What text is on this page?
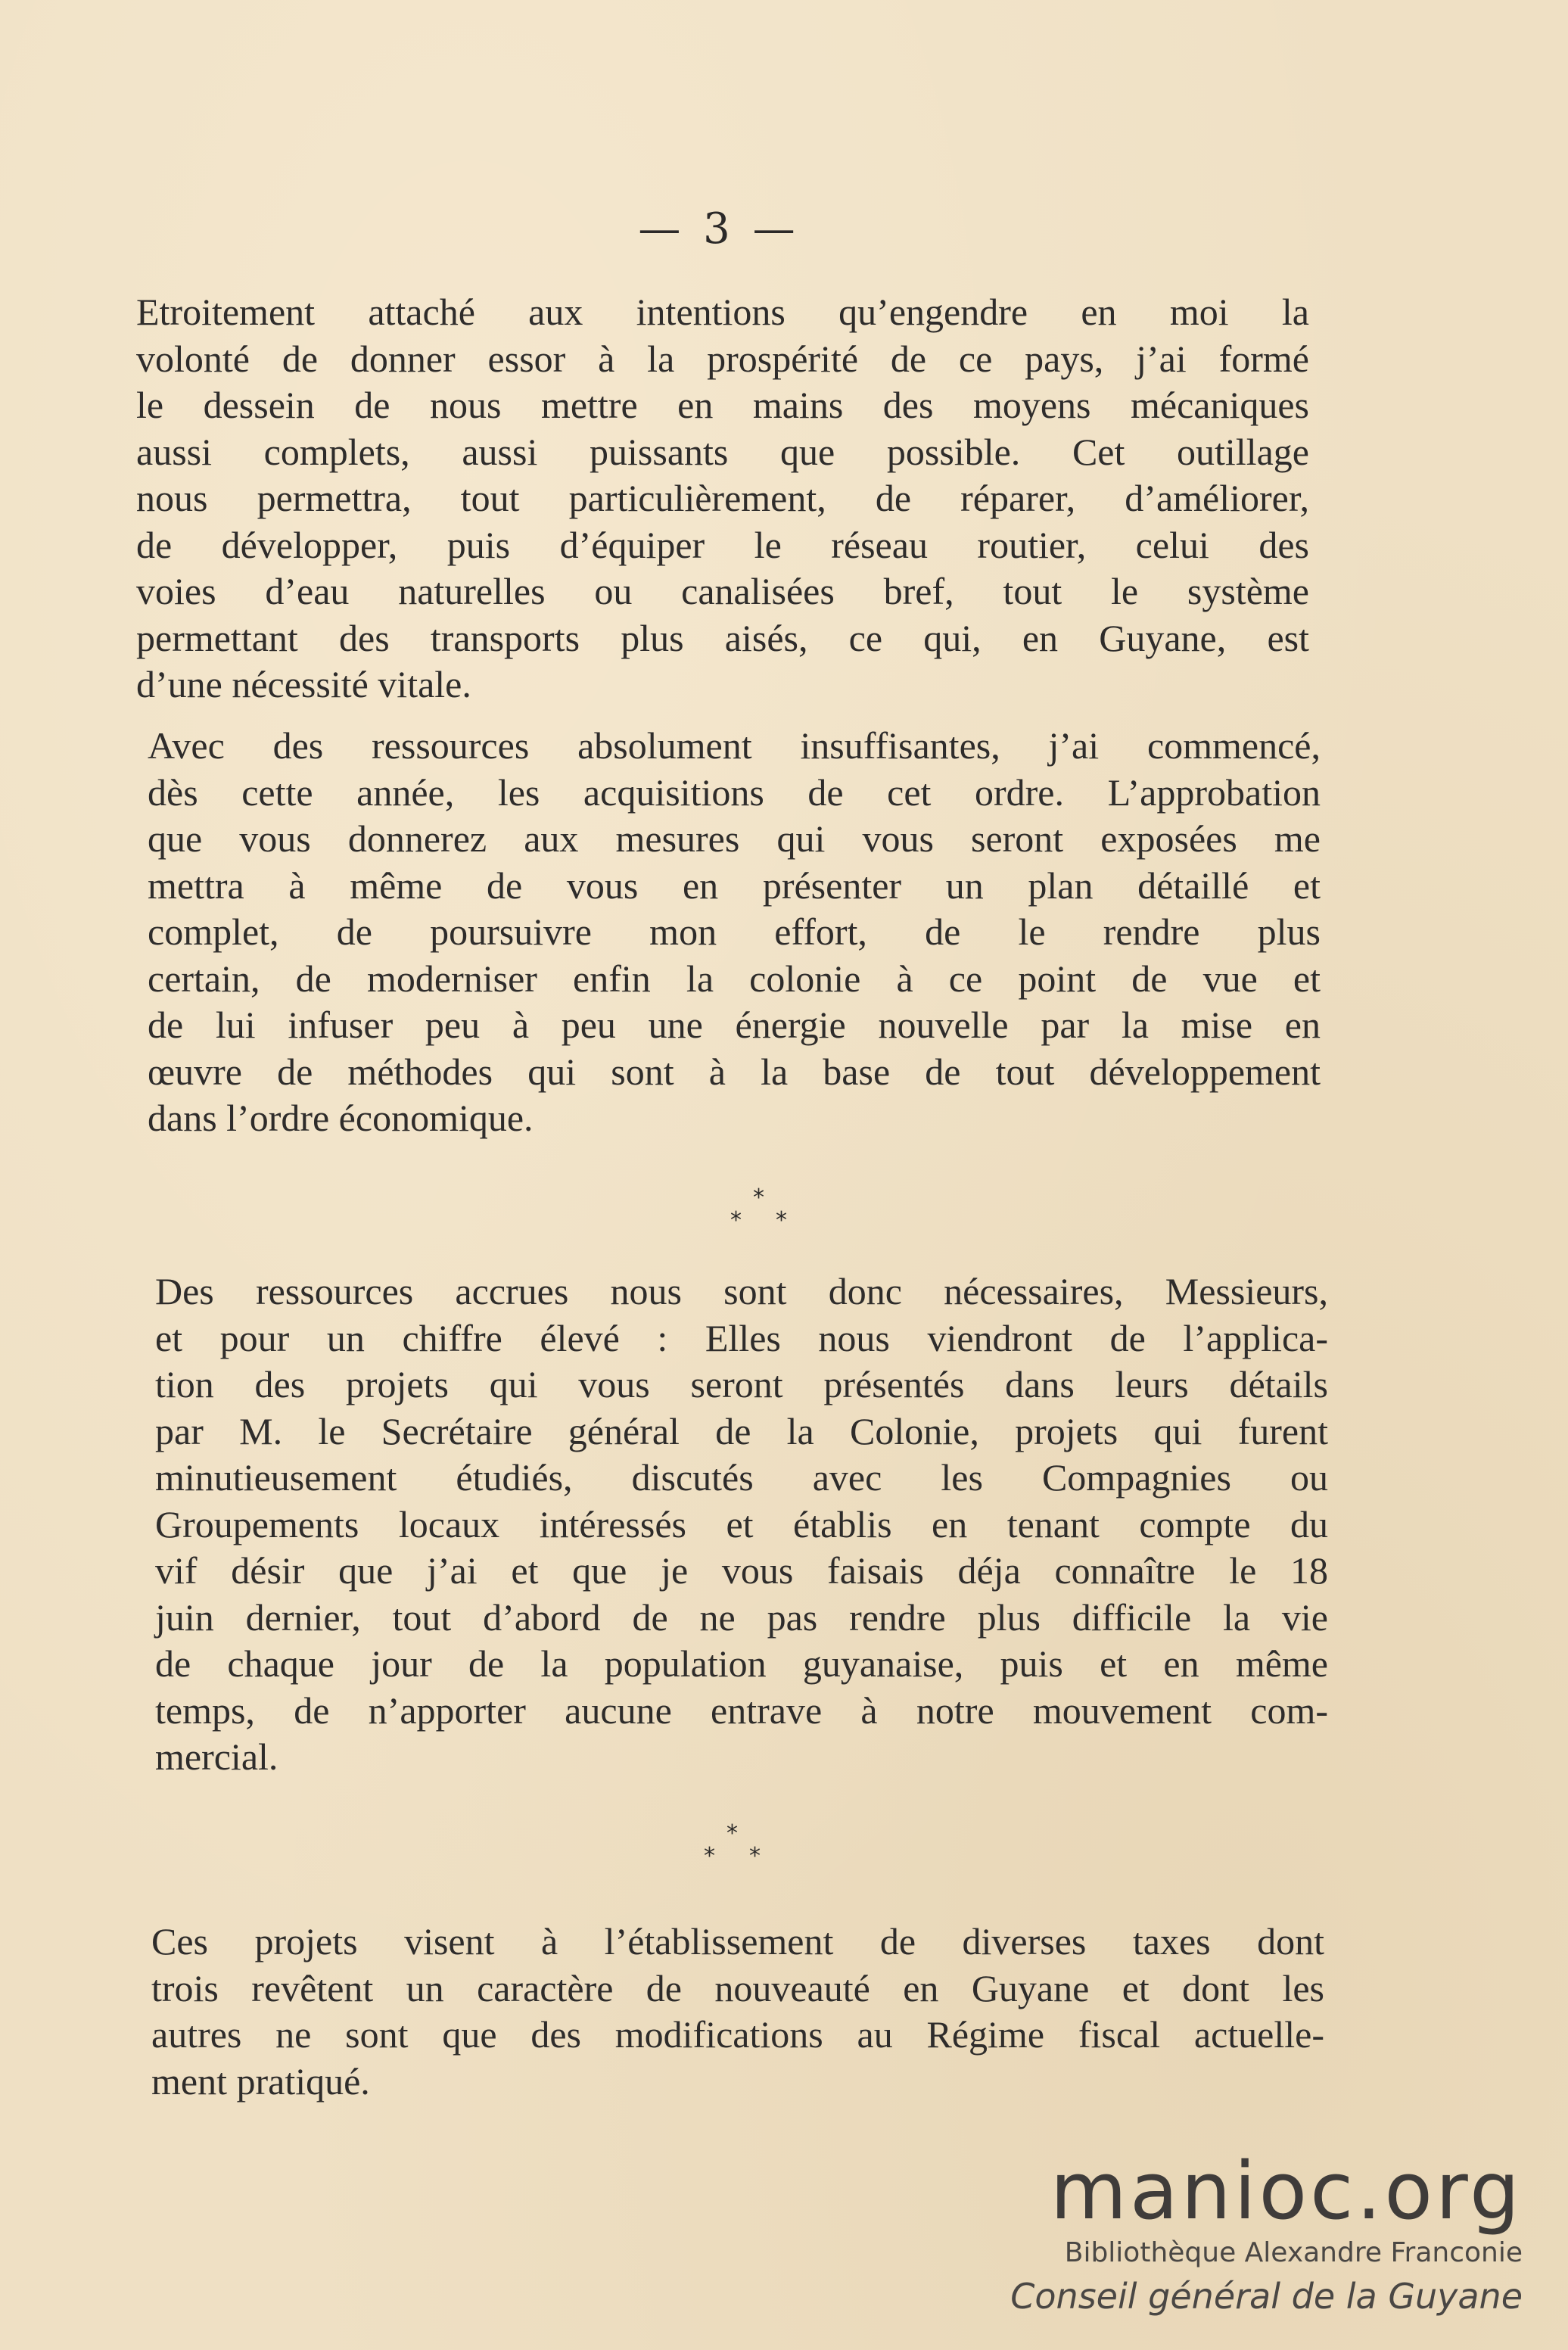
— 3 —
Etroitement attaché aux intentions qu’engendre en moi la
volonté de donner essor à la prospérité de ce pays, j’ai formé
le dessein de nous mettre en mains des moyens mécaniques
aussi complets, aussi puissants que possible. Cet outillage
nous permettra, tout particulièrement, de réparer, d’améliorer,
de développer, puis d’équiper le réseau routier, celui des
voies d’eau naturelles ou canalisées bref, tout le système
permettant des transports plus aisés, ce qui, en Guyane, est
d’une nécessité vitale.
Avec des ressources absolument insuffisantes, j’ai commencé,
dès cette année, les acquisitions de cet ordre. L’approbation
que vous donnerez aux mesures qui vous seront exposées me
mettra à même de vous en présenter un plan détaillé et
complet, de poursuivre mon effort, de le rendre plus
certain, de moderniser enfin la colonie à ce point de vue et
de lui infuser peu à peu une énergie nouvelle par la mise en
œuvre de méthodes qui sont à la base de tout développement
dans l’ordre économique.
*
* *
Des ressources accrues nous sont donc nécessaires, Messieurs,
et pour un chiffre élevé : Elles nous viendront de l’applica-
tion des projets qui vous seront présentés dans leurs détails
par M. le Secrétaire général de la Colonie, projets qui furent
minutieusement étudiés, discutés avec les Compagnies ou
Groupements locaux intéressés et établis en tenant compte du
vif désir que j’ai et que je vous faisais déja connaître le 18
juin dernier, tout d’abord de ne pas rendre plus difficile la vie
de chaque jour de la population guyanaise, puis et en même
temps, de n’apporter aucune entrave à notre mouvement com-
mercial.
*
* *
Ces projets visent à l’établissement de diverses taxes dont
trois revêtent un caractère de nouveauté en Guyane et dont les
autres ne sont que des modifications au Régime fiscal actuelle-
ment pratiqué.
manioc.org
Bibliothèque Alexandre Franconie
Conseil général de la Guyane
